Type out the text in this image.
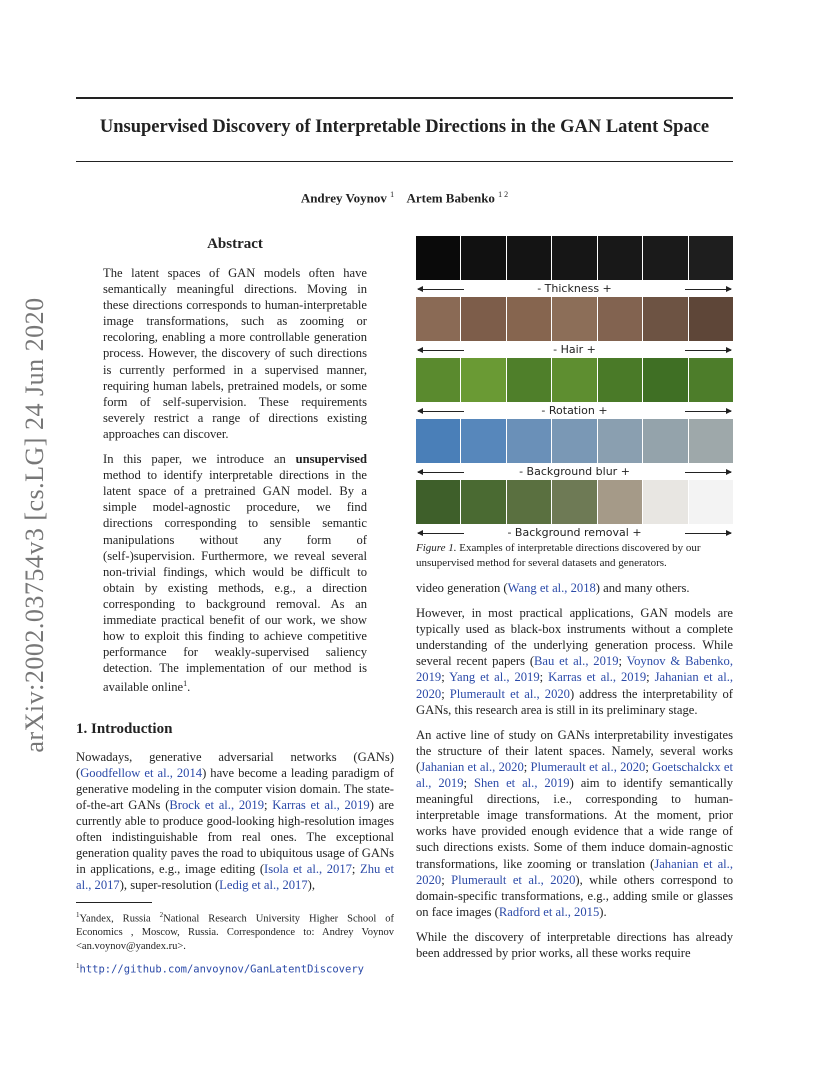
Unsupervised Discovery of Interpretable Directions in the GAN Latent Space
Andrey Voynov $^1$ Artem Babenko $^{1 2}$
arXiv:2002.03754v3 [cs.LG] 24 Jun 2020
Abstract

The latent spaces of GAN models often have semantically meaningful directions. Moving in these directions corresponds to human-interpretable image transformations, such as zooming or recoloring, enabling a more controllable generation process. However, the discovery of such directions is currently performed in a supervised manner, requiring human labels, pretrained models, or some form of self-supervision. These requirements severely restrict a range of directions existing approaches can discover.

In this paper, we introduce an unsupervised method to identify interpretable directions in the latent space of a pretrained GAN model. By a simple model-agnostic procedure, we find directions corresponding to sensible semantic manipulations without any form of (self-)supervision. Furthermore, we reveal several non-trivial findings, which would be difficult to obtain by existing methods, e.g., a direction corresponding to background removal. As an immediate practical benefit of our work, we show how to exploit this finding to achieve competitive performance for weakly-supervised saliency detection. The implementation of our method is available online$^1$.

1. Introduction

Nowadays, generative adversarial networks (GANs) (Goodfellow et al., 2014) have become a leading paradigm of generative modeling in the computer vision domain. The state-of-the-art GANs (Brock et al., 2019; Karras et al., 2019) are currently able to produce good-looking high-resolution images often indistinguishable from real ones. The exceptional generation quality paves the road to ubiquitous usage of GANs in applications, e.g., image editing (Isola et al., 2017; Zhu et al., 2017), super-resolution (Ledig et al., 2017),

$^1$Yandex, Russia $^2$National Research University Higher School of Economics , Moscow, Russia. Correspondence to: Andrey Voynov <an.voynov@yandex.ru>.
$^1$http://github.com/anvoynov/GanLatentDiscovery
- Thickness +
- Hair +
- Rotation +
- Background blur +
- Background removal +
Figure 1. Examples of interpretable directions discovered by our unsupervised method for several datasets and generators.

video generation (Wang et al., 2018) and many others.

However, in most practical applications, GAN models are typically used as black-box instruments without a complete understanding of the underlying generation process. While several recent papers (Bau et al., 2019; Voynov & Babenko, 2019; Yang et al., 2019; Karras et al., 2019; Jahanian et al., 2020; Plumerault et al., 2020) address the interpretability of GANs, this research area is still in its preliminary stage.

An active line of study on GANs interpretability investigates the structure of their latent spaces. Namely, several works (Jahanian et al., 2020; Plumerault et al., 2020; Goetschalckx et al., 2019; Shen et al., 2019) aim to identify semantically meaningful directions, i.e., corresponding to human-interpretable image transformations. At the moment, prior works have provided enough evidence that a wide range of such directions exists. Some of them induce domain-agnostic transformations, like zooming or translation (Jahanian et al., 2020; Plumerault et al., 2020), while others correspond to domain-specific transformations, e.g., adding smile or glasses on face images (Radford et al., 2015).

While the discovery of interpretable directions has already been addressed by prior works, all these works require
